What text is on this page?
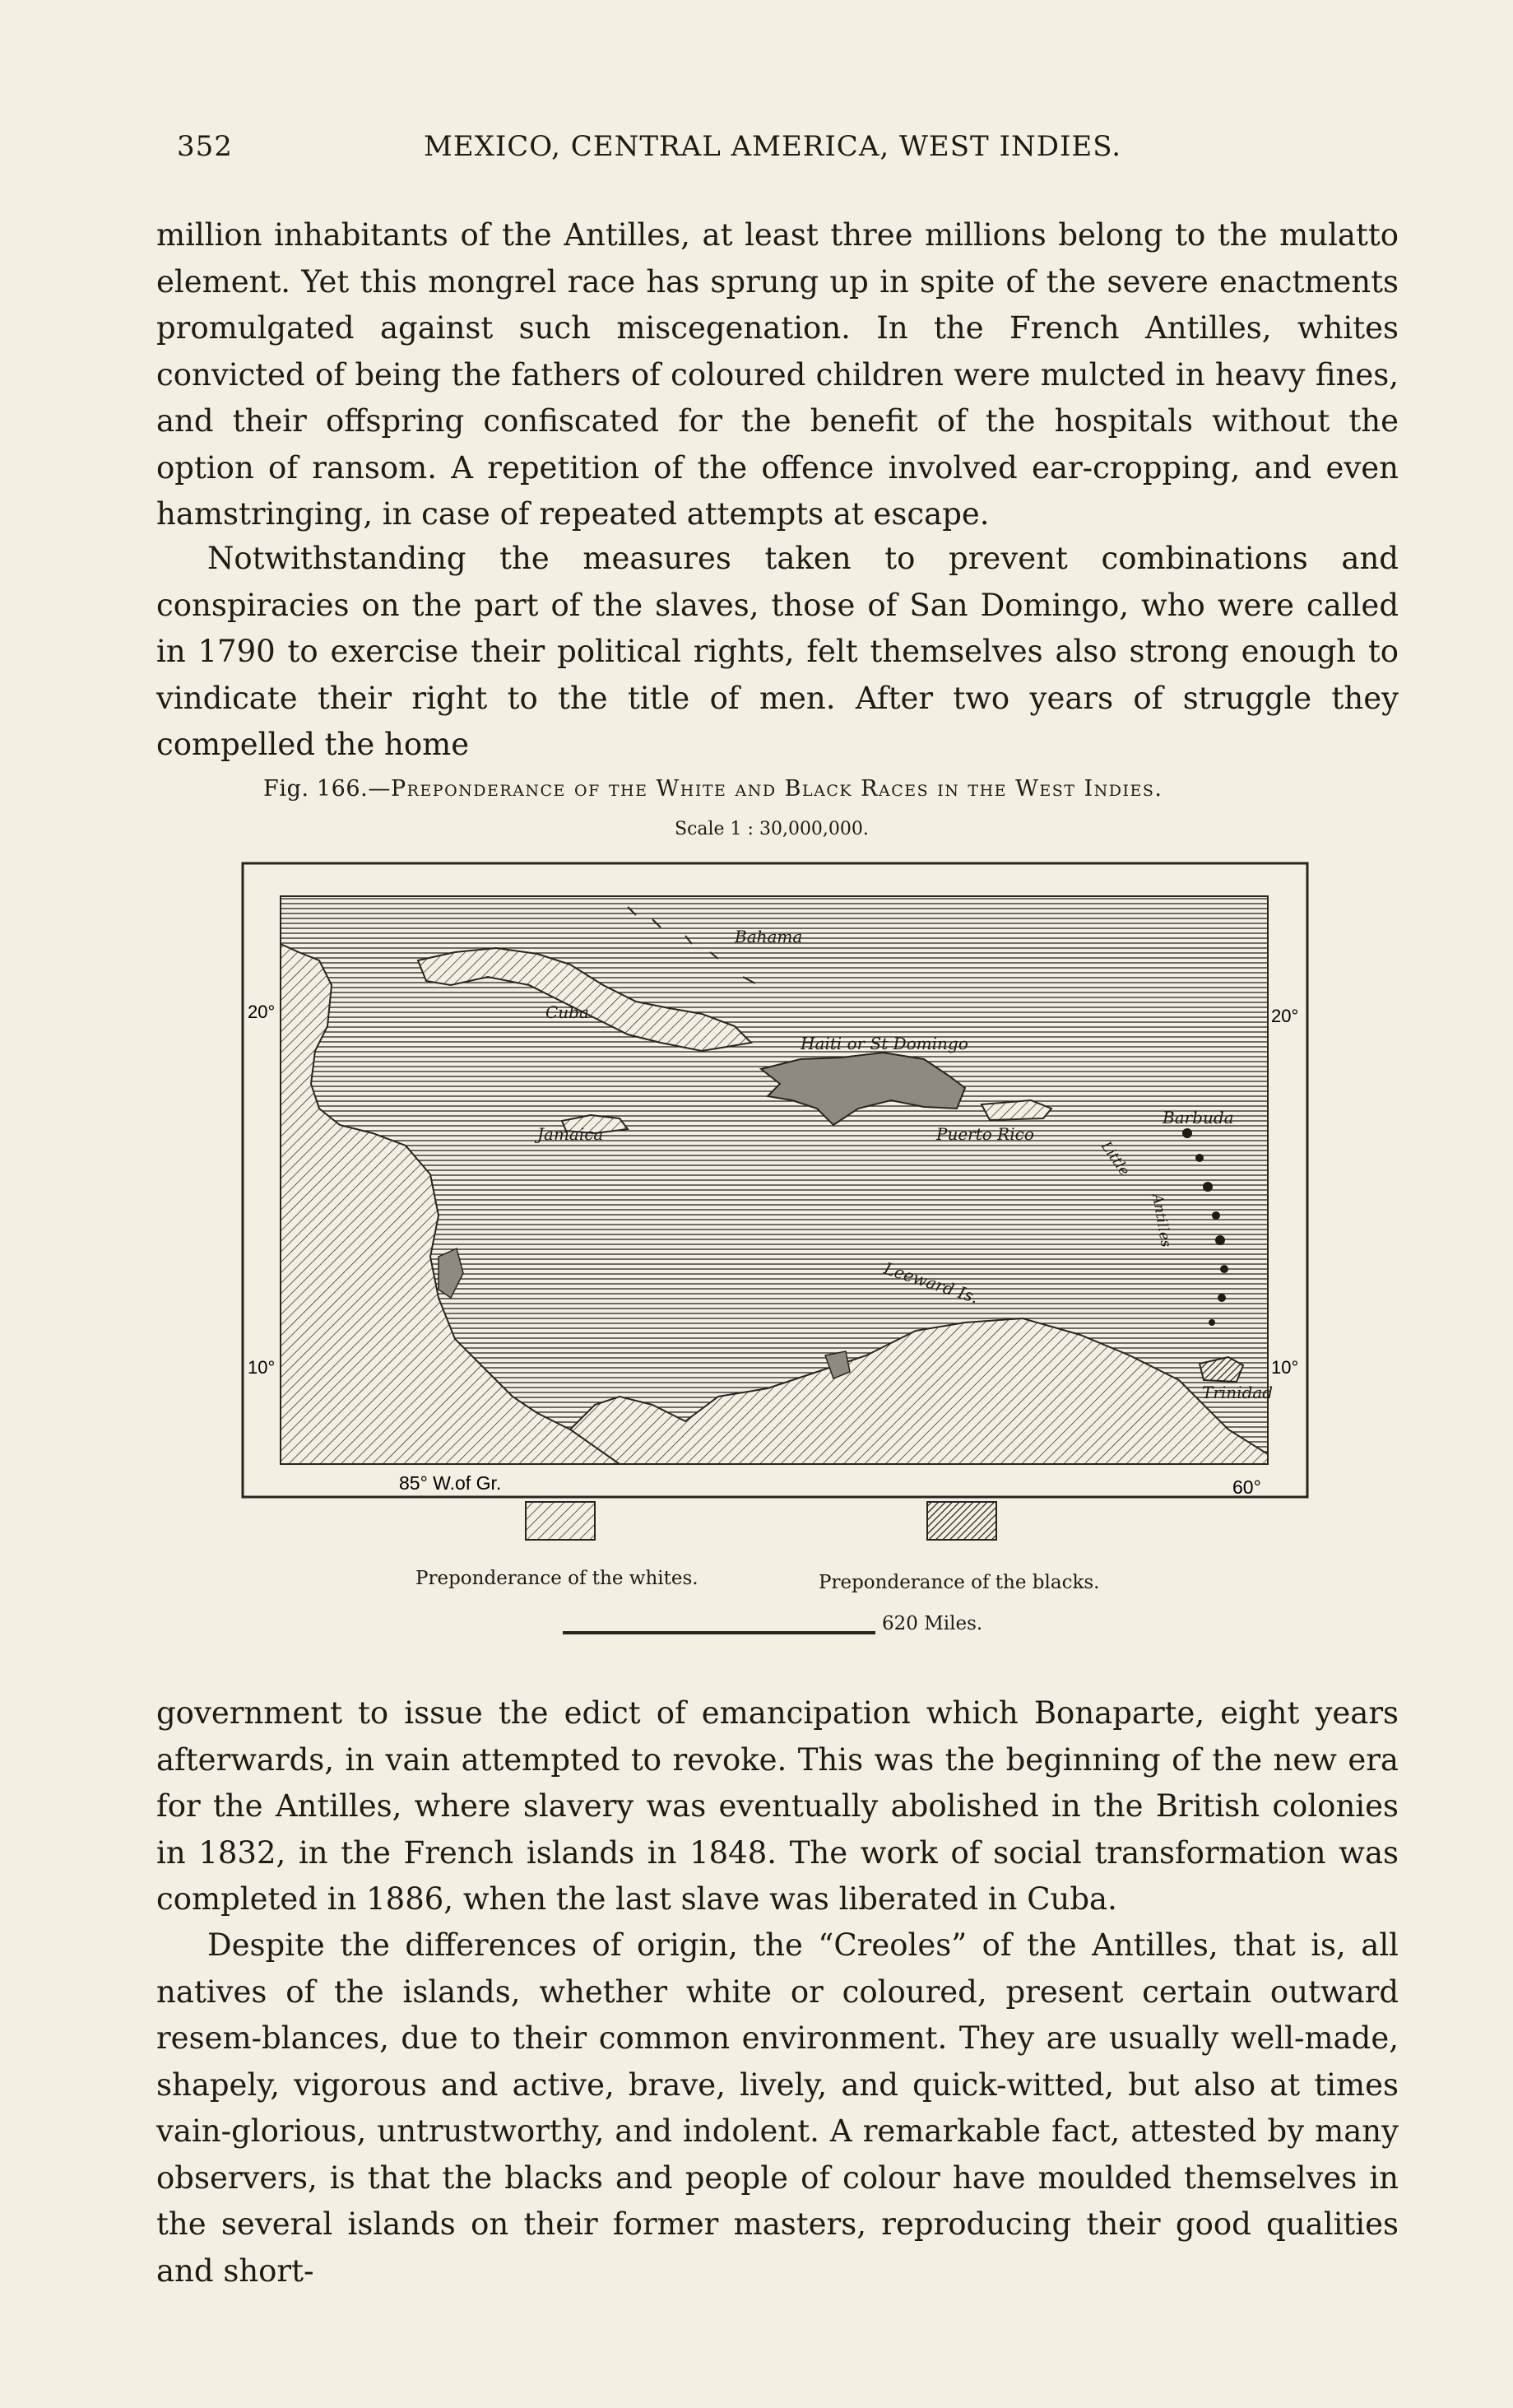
352	MEXICO, CENTRAL AMERICA, WEST INDIES.

million inhabitants of the Antilles, at least three millions belong to the mulatto element. Yet this mongrel race has sprung up in spite of the severe enactments promulgated against such miscegenation. In the French Antilles, whites convicted of being the fathers of coloured children were mulcted in heavy fines, and their offspring confiscated for the benefit of the hospitals without the option of ransom. A repetition of the offence involved ear-cropping, and even hamstringing, in case of repeated attempts at escape.

Notwithstanding the measures taken to prevent combinations and conspiracies on the part of the slaves, those of San Domingo, who were called in 1790 to exercise their political rights, felt themselves also strong enough to vindicate their right to the title of men. After two years of struggle they compelled the home

Fig. 166.—Preponderance of the White and Black Races in the West Indies.
Scale 1 : 30,000,000.
20°	20°
10°	10°
85° W.of Gr.	60°
Bahama
Cuba
Haiti or St Domingo
Jamaica	Puerto Rico
Barbuda
Little
Antilles
Leeward Is.
Trinidad
Preponderance of the whites.	Preponderance of the blacks.
620 Miles.

government to issue the edict of emancipation which Bonaparte, eight years afterwards, in vain attempted to revoke. This was the beginning of the new era for the Antilles, where slavery was eventually abolished in the British colonies in 1832, in the French islands in 1848. The work of social transformation was completed in 1886, when the last slave was liberated in Cuba.

Despite the differences of origin, the “Creoles” of the Antilles, that is, all natives of the islands, whether white or coloured, present certain outward resem-blances, due to their common environment. They are usually well-made, shapely, vigorous and active, brave, lively, and quick-witted, but also at times vain-glorious, untrustworthy, and indolent. A remarkable fact, attested by many observers, is that the blacks and people of colour have moulded themselves in the several islands on their former masters, reproducing their good qualities and short-
